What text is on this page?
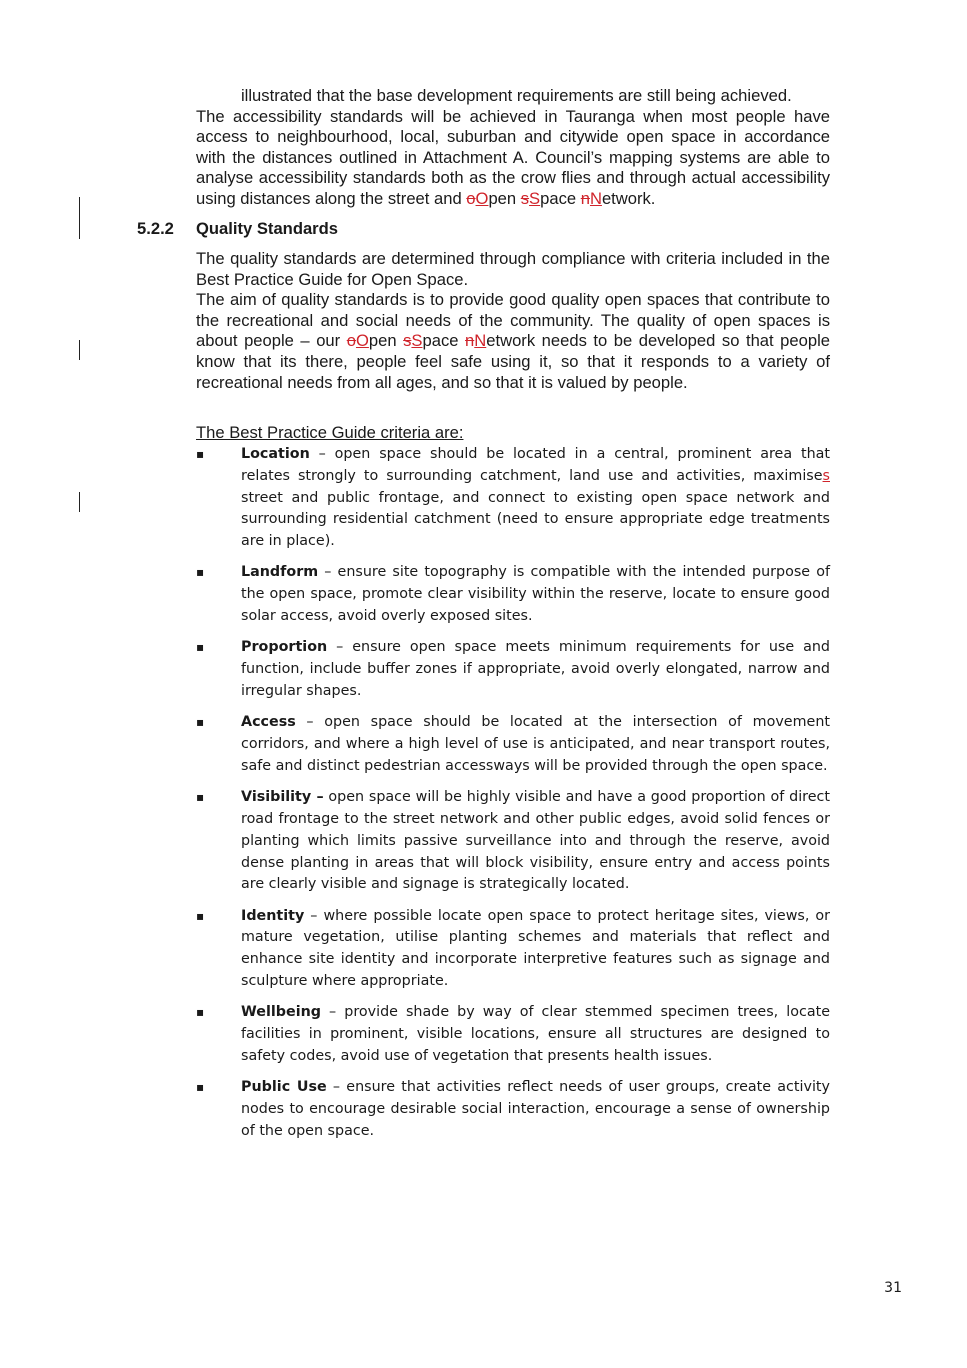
illustrated that the base development requirements are still being achieved.
The accessibility standards will be achieved in Tauranga when most people have access to neighbourhood, local, suburban and citywide open space in accordance with the distances outlined in Attachment A. Council’s mapping systems are able to analyse accessibility standards both as the crow flies and through actual accessibility using distances along the street and oOpen sSpace nNetwork.
5.2.2 Quality Standards
The quality standards are determined through compliance with criteria included in the Best Practice Guide for Open Space.
The aim of quality standards is to provide good quality open spaces that contribute to the recreational and social needs of the community. The quality of open spaces is about people – our oOpen sSpace nNetwork needs to be developed so that people know that its there, people feel safe using it, so that it responds to a variety of recreational needs from all ages, and so that it is valued by people.
The Best Practice Guide criteria are:
▪	Location – open space should be located in a central, prominent area that relates strongly to surrounding catchment, land use and activities, maximises street and public frontage, and connect to existing open space network and surrounding residential catchment (need to ensure appropriate edge treatments are in place).
▪	Landform – ensure site topography is compatible with the intended purpose of the open space, promote clear visibility within the reserve, locate to ensure good solar access, avoid overly exposed sites.
▪	Proportion – ensure open space meets minimum requirements for use and function, include buffer zones if appropriate, avoid overly elongated, narrow and irregular shapes.
▪	Access – open space should be located at the intersection of movement corridors, and where a high level of use is anticipated, and near transport routes, safe and distinct pedestrian accessways will be provided through the open space.
▪	Visibility – open space will be highly visible and have a good proportion of direct road frontage to the street network and other public edges, avoid solid fences or planting which limits passive surveillance into and through the reserve, avoid dense planting in areas that will block visibility, ensure entry and access points are clearly visible and signage is strategically located.
▪	Identity – where possible locate open space to protect heritage sites, views, or mature vegetation, utilise planting schemes and materials that reflect and enhance site identity and incorporate interpretive features such as signage and sculpture where appropriate.
▪	Wellbeing – provide shade by way of clear stemmed specimen trees, locate facilities in prominent, visible locations, ensure all structures are designed to safety codes, avoid use of vegetation that presents health issues.
▪	Public Use – ensure that activities reflect needs of user groups, create activity nodes to encourage desirable social interaction, encourage a sense of ownership of the open space.
31
